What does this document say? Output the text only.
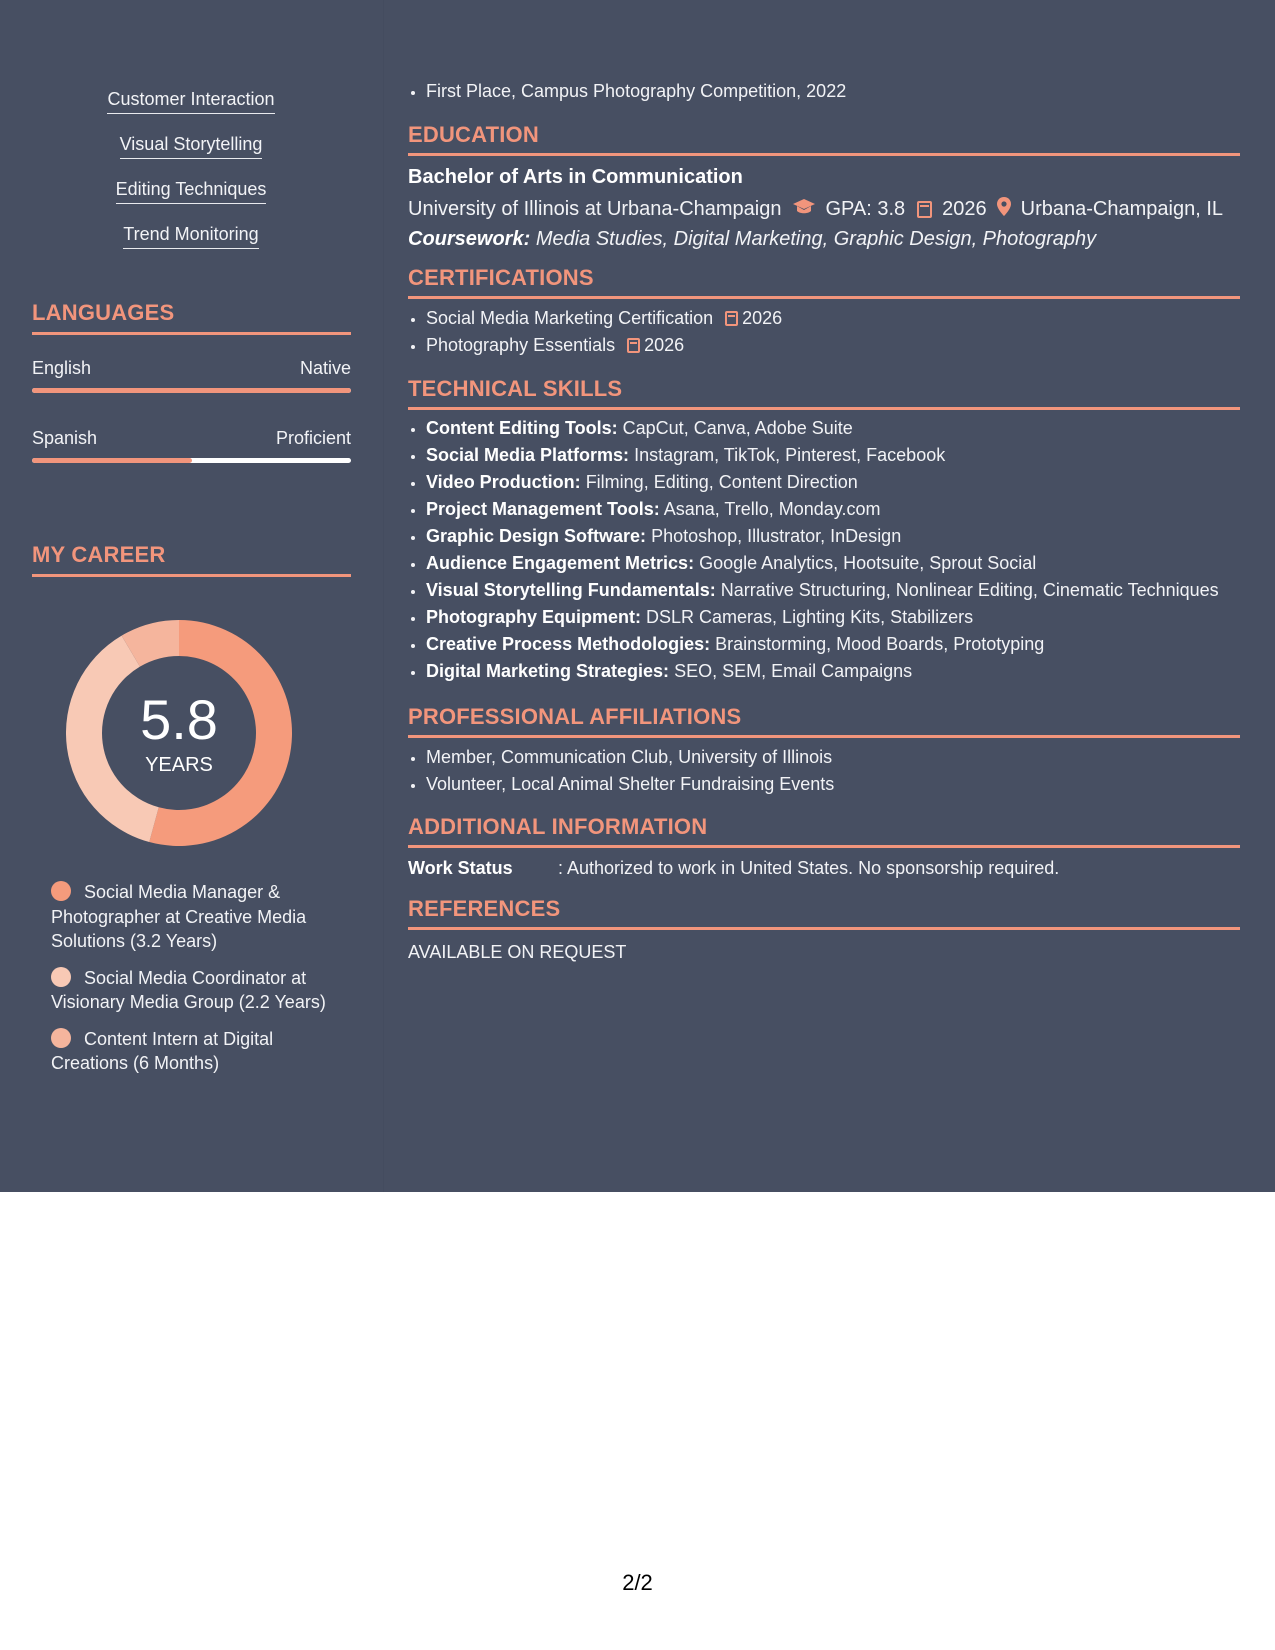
Customer Interaction
Visual Storytelling
Editing Techniques
Trend Monitoring
LANGUAGES
English	Native
Spanish	Proficient
MY CAREER
5.8
YEARS
Social Media Manager & Photographer at Creative Media Solutions (3.2 Years)
Social Media Coordinator at Visionary Media Group (2.2 Years)
Content Intern at Digital Creations (6 Months)
• First Place, Campus Photography Competition, 2022
EDUCATION
Bachelor of Arts in Communication
University of Illinois at Urbana-Champaign GPA: 3.8 2026 Urbana-Champaign, IL
Coursework: Media Studies, Digital Marketing, Graphic Design, Photography
CERTIFICATIONS
• Social Media Marketing Certification 2026
• Photography Essentials 2026
TECHNICAL SKILLS
• Content Editing Tools: CapCut, Canva, Adobe Suite
• Social Media Platforms: Instagram, TikTok, Pinterest, Facebook
• Video Production: Filming, Editing, Content Direction
• Project Management Tools: Asana, Trello, Monday.com
• Graphic Design Software: Photoshop, Illustrator, InDesign
• Audience Engagement Metrics: Google Analytics, Hootsuite, Sprout Social
• Visual Storytelling Fundamentals: Narrative Structuring, Nonlinear Editing, Cinematic Techniques
• Photography Equipment: DSLR Cameras, Lighting Kits, Stabilizers
• Creative Process Methodologies: Brainstorming, Mood Boards, Prototyping
• Digital Marketing Strategies: SEO, SEM, Email Campaigns
PROFESSIONAL AFFILIATIONS
• Member, Communication Club, University of Illinois
• Volunteer, Local Animal Shelter Fundraising Events
ADDITIONAL INFORMATION
Work Status	: Authorized to work in United States. No sponsorship required.
REFERENCES
AVAILABLE ON REQUEST
2/2
